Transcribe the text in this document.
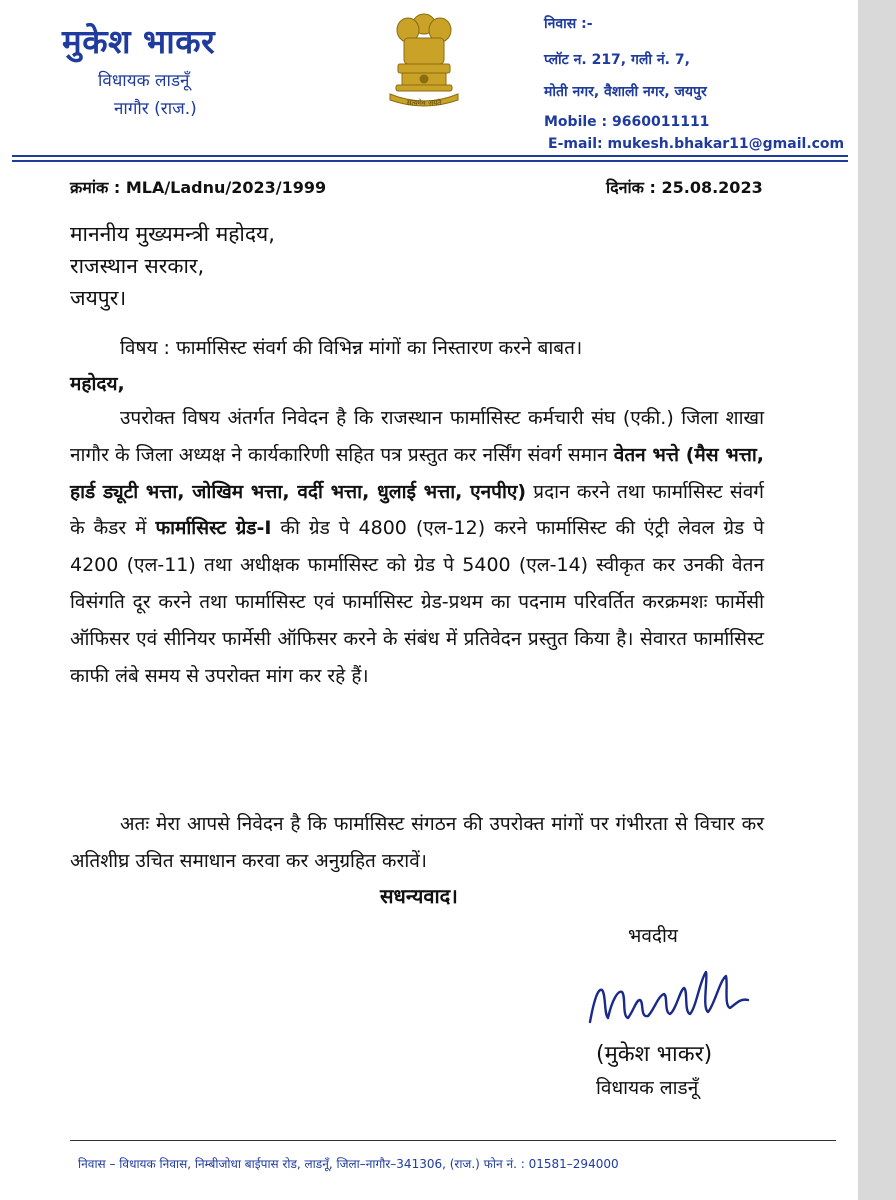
मुकेश भाकर
विधायक लाडनूँ
नागौर (राज.)	सत्यमेव जयते
निवास :-
प्लॉट न. 217, गली नं. 7,
मोती नगर, वैशाली नगर, जयपुर
Mobile : 9660011111
E-mail: mukesh.bhakar11@gmail.com
क्रमांक : MLA/Ladnu/2023/1999	दिनांक : 25.08.2023
माननीय मुख्यमन्त्री महोदय,
राजस्थान सरकार,
जयपुर।
विषय : फार्मासिस्ट संवर्ग की विभिन्न मांगों का निस्तारण करने बाबत।
महोदय,
उपरोक्त विषय अंतर्गत निवेदन है कि राजस्थान फार्मासिस्ट कर्मचारी संघ (एकी.) जिला शाखा नागौर के जिला अध्यक्ष ने कार्यकारिणी सहित पत्र प्रस्तुत कर नर्सिंग संवर्ग समान वेतन भत्ते (मैस भत्ता, हार्ड ड्यूटी भत्ता, जोखिम भत्ता, वर्दी भत्ता, धुलाई भत्ता, एनपीए) प्रदान करने तथा फार्मासिस्ट संवर्ग के कैडर में फार्मासिस्ट ग्रेड-I की ग्रेड पे 4800 (एल-12) करने फार्मासिस्ट की एंट्री लेवल ग्रेड पे 4200 (एल-11) तथा अधीक्षक फार्मासिस्ट को ग्रेड पे 5400 (एल-14) स्वीकृत कर उनकी वेतन विसंगति दूर करने तथा फार्मासिस्ट एवं फार्मासिस्ट ग्रेड-प्रथम का पदनाम परिवर्तित करक्रमशः फार्मेसी ऑफिसर एवं सीनियर फार्मेसी ऑफिसर करने के संबंध में प्रतिवेदन प्रस्तुत किया है। सेवारत फार्मासिस्ट काफी लंबे समय से उपरोक्त मांग कर रहे हैं।
अतः मेरा आपसे निवेदन है कि फार्मासिस्ट संगठन की उपरोक्त मांगों पर गंभीरता से विचार कर अतिशीघ्र उचित समाधान करवा कर अनुग्रहित करावें।
सधन्यवाद।
भवदीय
(मुकेश भाकर)
विधायक लाडनूँ
निवास – विधायक निवास, निम्बीजोधा बाईपास रोड, लाडनूँ, जिला–नागौर–341306, (राज.) फोन नं. : 01581–294000
